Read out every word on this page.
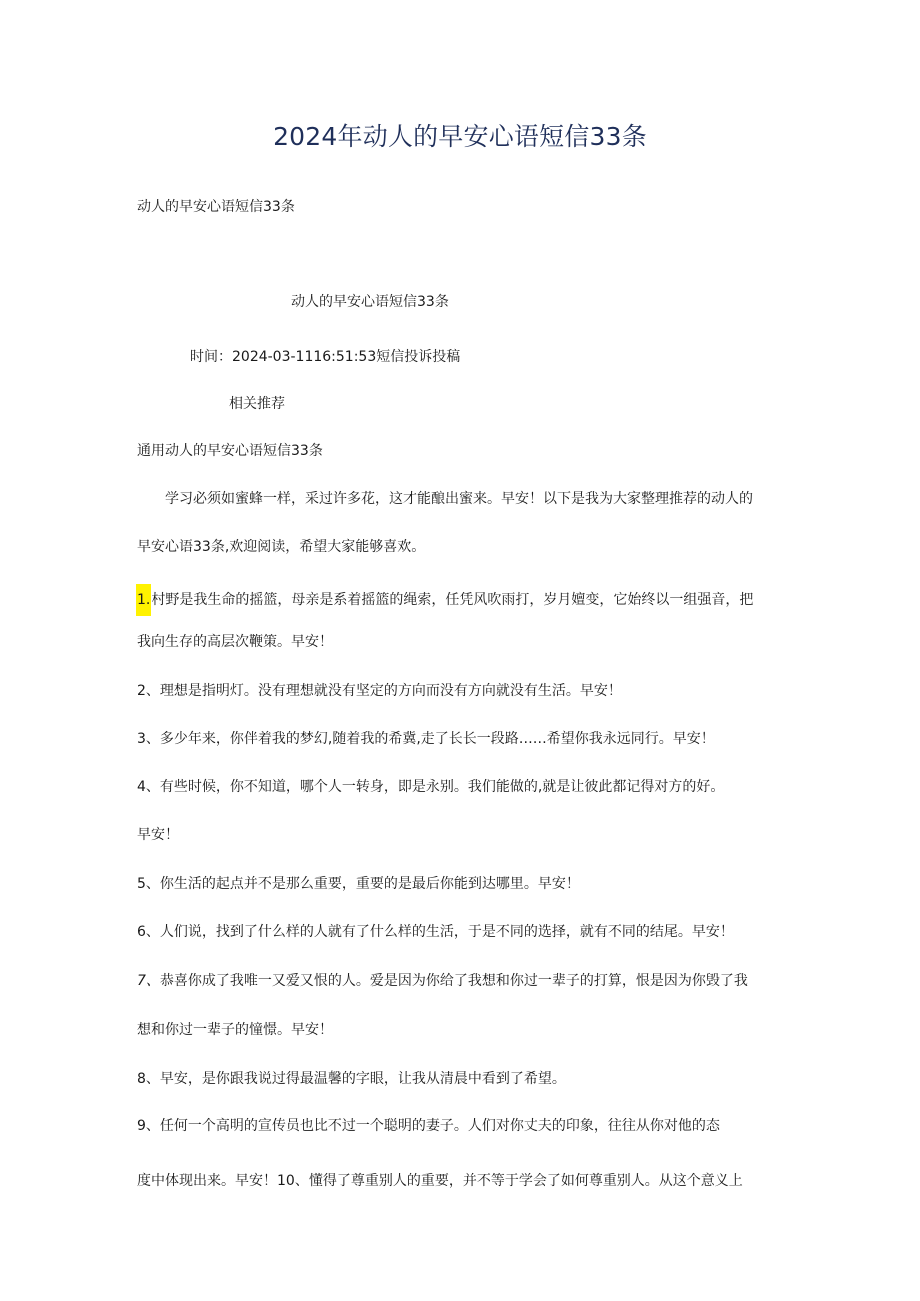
2024年动人的早安心语短信33条
动人的早安心语短信33条
动人的早安心语短信33条
时间：2024-03-1116:51:53短信投诉投稿
相关推荐
通用动人的早安心语短信33条
学习必须如蜜蜂一样，采过许多花，这才能酿出蜜来。早安！以下是我为大家整理推荐的动人的
早安心语33条,欢迎阅读，希望大家能够喜欢。
1.村野是我生命的摇篮，母亲是系着摇篮的绳索，任凭风吹雨打，岁月嬗变，它始终以一组强音，把
我向生存的高层次鞭策。早安！
2、理想是指明灯。没有理想就没有坚定的方向而没有方向就没有生活。早安！
3、多少年来，你伴着我的梦幻,随着我的希冀,走了长长一段路……希望你我永远同行。早安！
4、有些时候，你不知道，哪个人一转身，即是永别。我们能做的,就是让彼此都记得对方的好。
早安！
5、你生活的起点并不是那么重要，重要的是最后你能到达哪里。早安！
6、人们说，找到了什么样的人就有了什么样的生活，于是不同的选择，就有不同的结尾。早安！
7、恭喜你成了我唯一又爱又恨的人。爱是因为你给了我想和你过一辈子的打算，恨是因为你毁了我
想和你过一辈子的憧憬。早安！
8、早安，是你跟我说过得最温馨的字眼，让我从清晨中看到了希望。
9、任何一个高明的宣传员也比不过一个聪明的妻子。人们对你丈夫的印象，往往从你对他的态
度中体现出来。早安！10、懂得了尊重别人的重要，并不等于学会了如何尊重别人。从这个意义上
